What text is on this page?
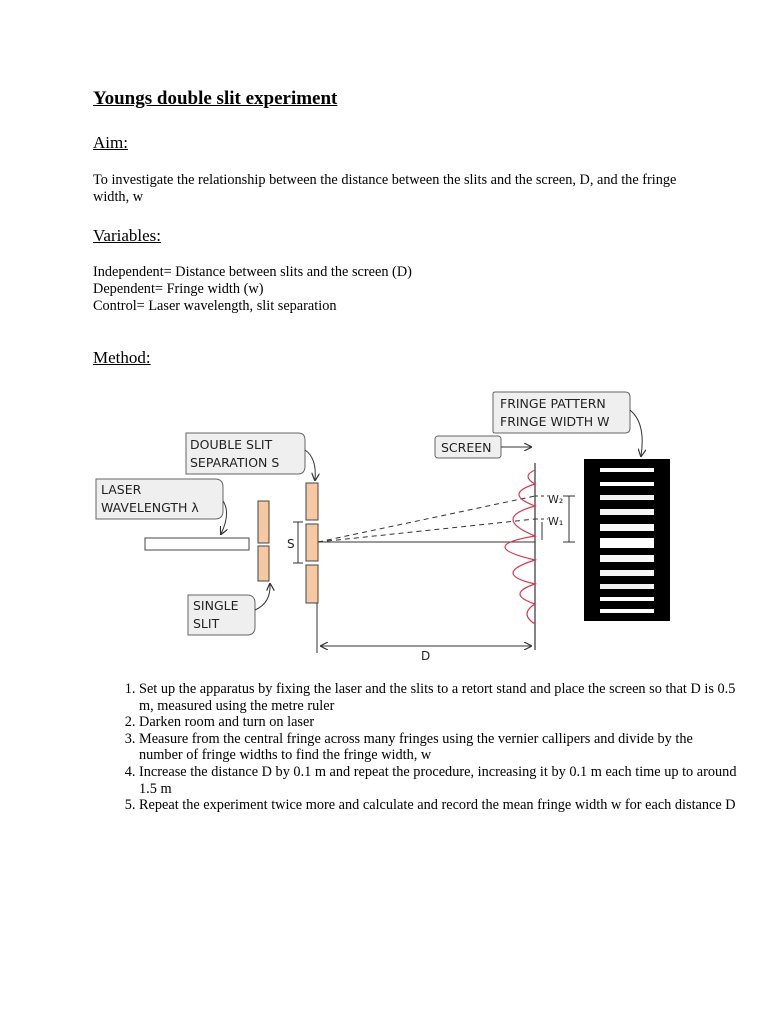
Youngs double slit experiment
Aim:
To investigate the relationship between the distance between the slits and the screen, D, and the fringe width, w
Variables:
Independent= Distance between slits and the screen (D)
Dependent= Fringe width (w)
Control= Laser wavelength, slit separation
Method:
FRINGE PATTERN
FRINGE WIDTH W
SCREEN
DOUBLE SLIT
SEPARATION S
LASER
WAVELENGTH λ
S
SINGLE
SLIT
W₂
W₁
D
1. Set up the apparatus by fixing the laser and the slits to a retort stand and place the screen so that D is 0.5 m, measured using the metre ruler
2. Darken room and turn on laser
3. Measure from the central fringe across many fringes using the vernier callipers and divide by the number of fringe widths to find the fringe width, w
4. Increase the distance D by 0.1 m and repeat the procedure, increasing it by 0.1 m each time up to around 1.5 m
5. Repeat the experiment twice more and calculate and record the mean fringe width w for each distance D
